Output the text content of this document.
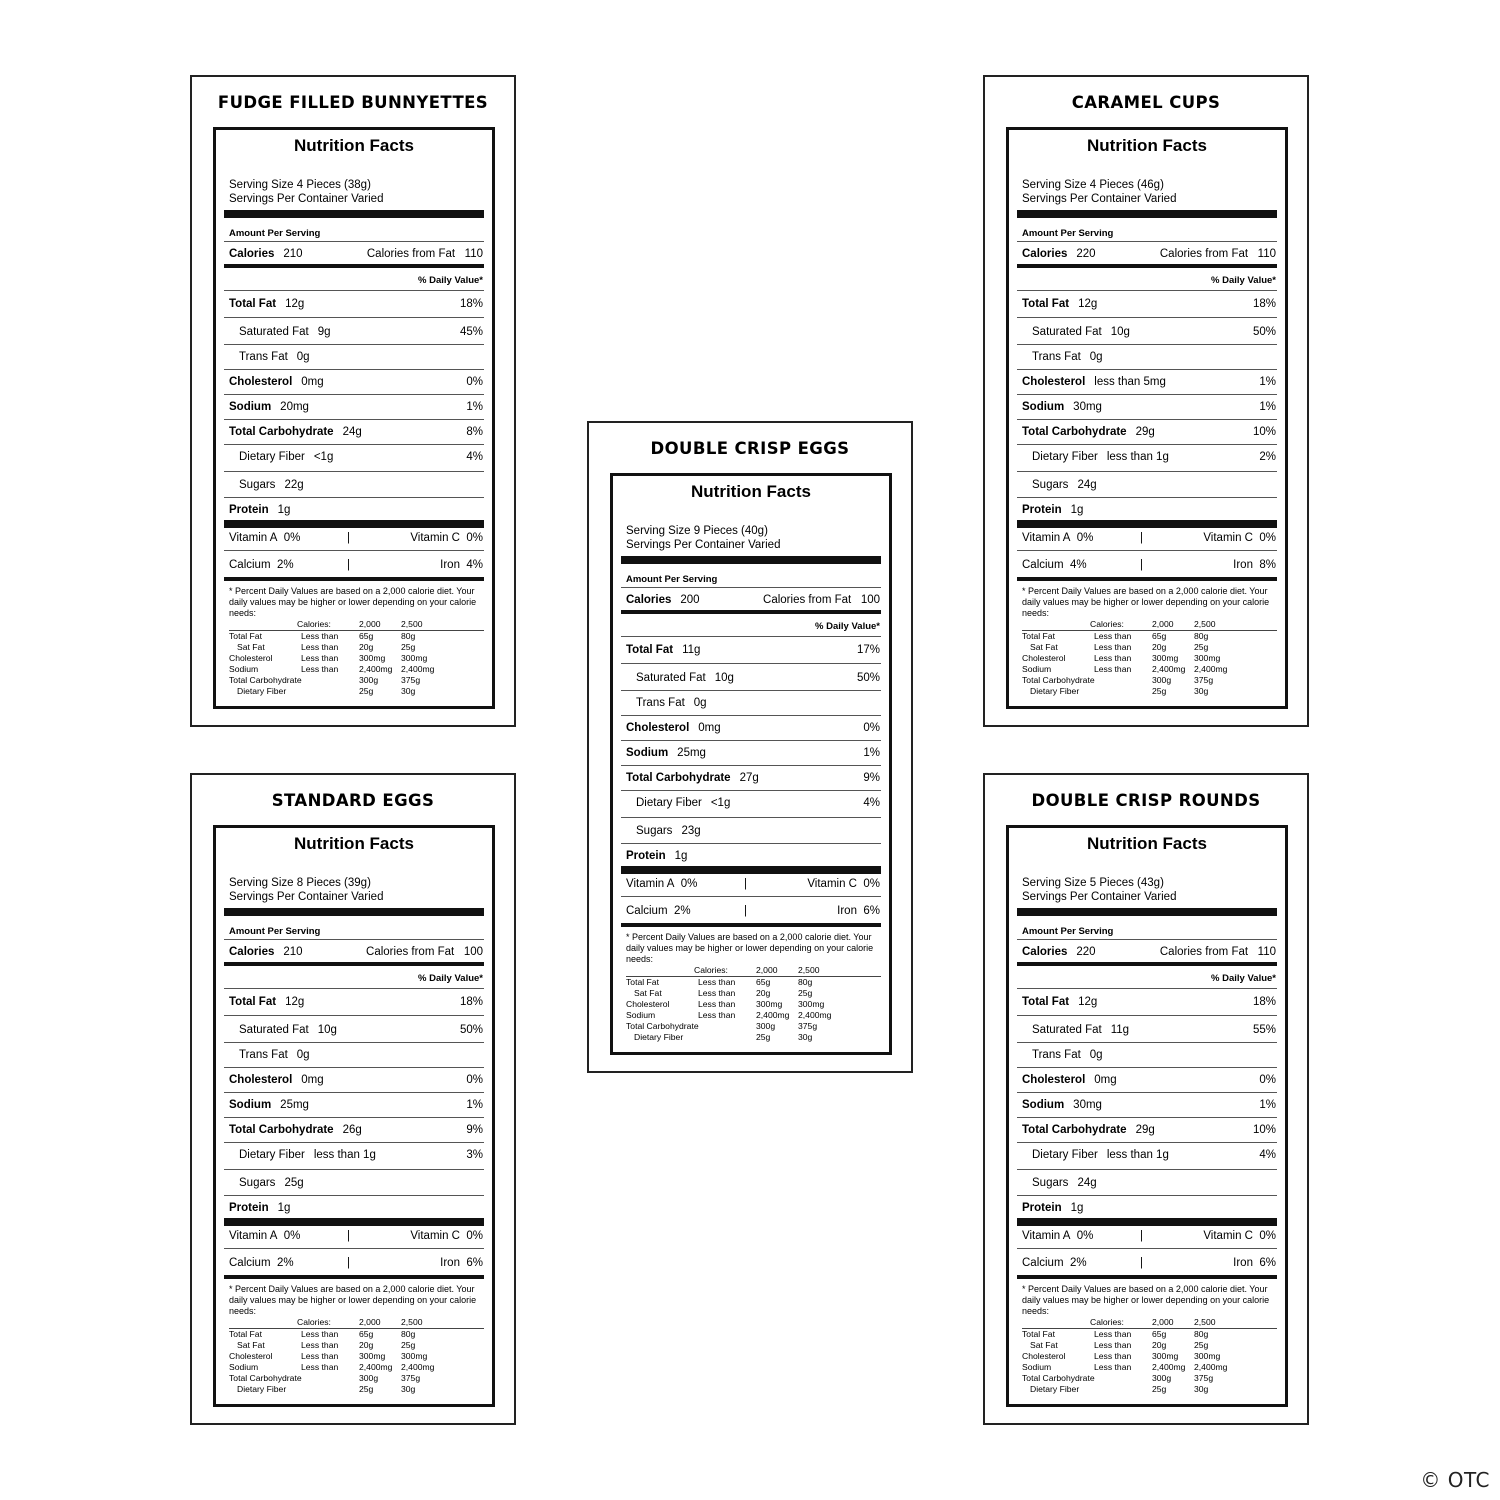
FUDGE FILLED BUNNYETTES
Nutrition Facts
Serving Size 4 Pieces (38g)
Servings Per Container Varied
Amount Per Serving
Calories 210	Calories from Fat 110
% Daily Value*
Total Fat 12g	18%
Saturated Fat 9g	45%
Trans Fat 0g
Cholesterol 0mg	0%
Sodium 20mg	1%
Total Carbohydrate 24g	8%
Dietary Fiber <1g	4%
Sugars 22g
Protein 1g
Vitamin A 0%	|	Vitamin C 0%
Calcium 2%	|	Iron 4%
* Percent Daily Values are based on a 2,000 calorie diet. Your daily values may be higher or lower depending on your calorie needs:
Calories:	2,000 2,500
Total Fat	Less than 65g	80g
Sat Fat	Less than 20g	25g
Cholesterol	Less than 300mg 300mg
Sodium	Less than 2,400mg 2,400mg
Total Carbohydrate	300g	375g
Dietary Fiber	25g	30g
CARAMEL CUPS
Nutrition Facts
Serving Size 4 Pieces (46g)
Servings Per Container Varied
Amount Per Serving
Calories 220	Calories from Fat 110
% Daily Value*
Total Fat 12g	18%
Saturated Fat 10g	50%
Trans Fat 0g
Cholesterol less than 5mg	1%
Sodium 30mg	1%
Total Carbohydrate 29g	10%
Dietary Fiber less than 1g	2%
Sugars 24g
Protein 1g
Vitamin A 0%	|	Vitamin C 0%
Calcium 4%	|	Iron 8%
* Percent Daily Values are based on a 2,000 calorie diet. Your daily values may be higher or lower depending on your calorie needs:
Calories:	2,000 2,500
Total Fat	Less than 65g	80g
Sat Fat	Less than 20g	25g
Cholesterol	Less than 300mg 300mg
Sodium	Less than 2,400mg 2,400mg
Total Carbohydrate	300g	375g
Dietary Fiber	25g	30g
DOUBLE CRISP EGGS
Nutrition Facts
Serving Size 9 Pieces (40g)
Servings Per Container Varied
Amount Per Serving
Calories 200	Calories from Fat 100
% Daily Value*
Total Fat 11g	17%
Saturated Fat 10g	50%
Trans Fat 0g
Cholesterol 0mg	0%
Sodium 25mg	1%
Total Carbohydrate 27g	9%
Dietary Fiber <1g	4%
Sugars 23g
Protein 1g
Vitamin A 0%	|	Vitamin C 0%
Calcium 2%	|	Iron 6%
* Percent Daily Values are based on a 2,000 calorie diet. Your daily values may be higher or lower depending on your calorie needs:
Calories:	2,000 2,500
Total Fat	Less than 65g	80g
Sat Fat	Less than 20g	25g
Cholesterol	Less than 300mg 300mg
Sodium	Less than 2,400mg 2,400mg
Total Carbohydrate	300g	375g
Dietary Fiber	25g	30g
STANDARD EGGS
Nutrition Facts
Serving Size 8 Pieces (39g)
Servings Per Container Varied
Amount Per Serving
Calories 210	Calories from Fat 100
% Daily Value*
Total Fat 12g	18%
Saturated Fat 10g	50%
Trans Fat 0g
Cholesterol 0mg	0%
Sodium 25mg	1%
Total Carbohydrate 26g	9%
Dietary Fiber less than 1g	3%
Sugars 25g
Protein 1g
Vitamin A 0%	|	Vitamin C 0%
Calcium 2%	|	Iron 6%
* Percent Daily Values are based on a 2,000 calorie diet. Your daily values may be higher or lower depending on your calorie needs:
Calories:	2,000 2,500
Total Fat	Less than 65g	80g
Sat Fat	Less than 20g	25g
Cholesterol	Less than 300mg 300mg
Sodium	Less than 2,400mg 2,400mg
Total Carbohydrate	300g	375g
Dietary Fiber	25g	30g
DOUBLE CRISP ROUNDS
Nutrition Facts
Serving Size 5 Pieces (43g)
Servings Per Container Varied
Amount Per Serving
Calories 220	Calories from Fat 110
% Daily Value*
Total Fat 12g	18%
Saturated Fat 11g	55%
Trans Fat 0g
Cholesterol 0mg	0%
Sodium 30mg	1%
Total Carbohydrate 29g	10%
Dietary Fiber less than 1g	4%
Sugars 24g
Protein 1g
Vitamin A 0%	|	Vitamin C 0%
Calcium 2%	|	Iron 6%
* Percent Daily Values are based on a 2,000 calorie diet. Your daily values may be higher or lower depending on your calorie needs:
Calories:	2,000 2,500
Total Fat	Less than 65g	80g
Sat Fat	Less than 20g	25g
Cholesterol	Less than 300mg 300mg
Sodium	Less than 2,400mg 2,400mg
Total Carbohydrate	300g	375g
Dietary Fiber	25g	30g
© OTC
